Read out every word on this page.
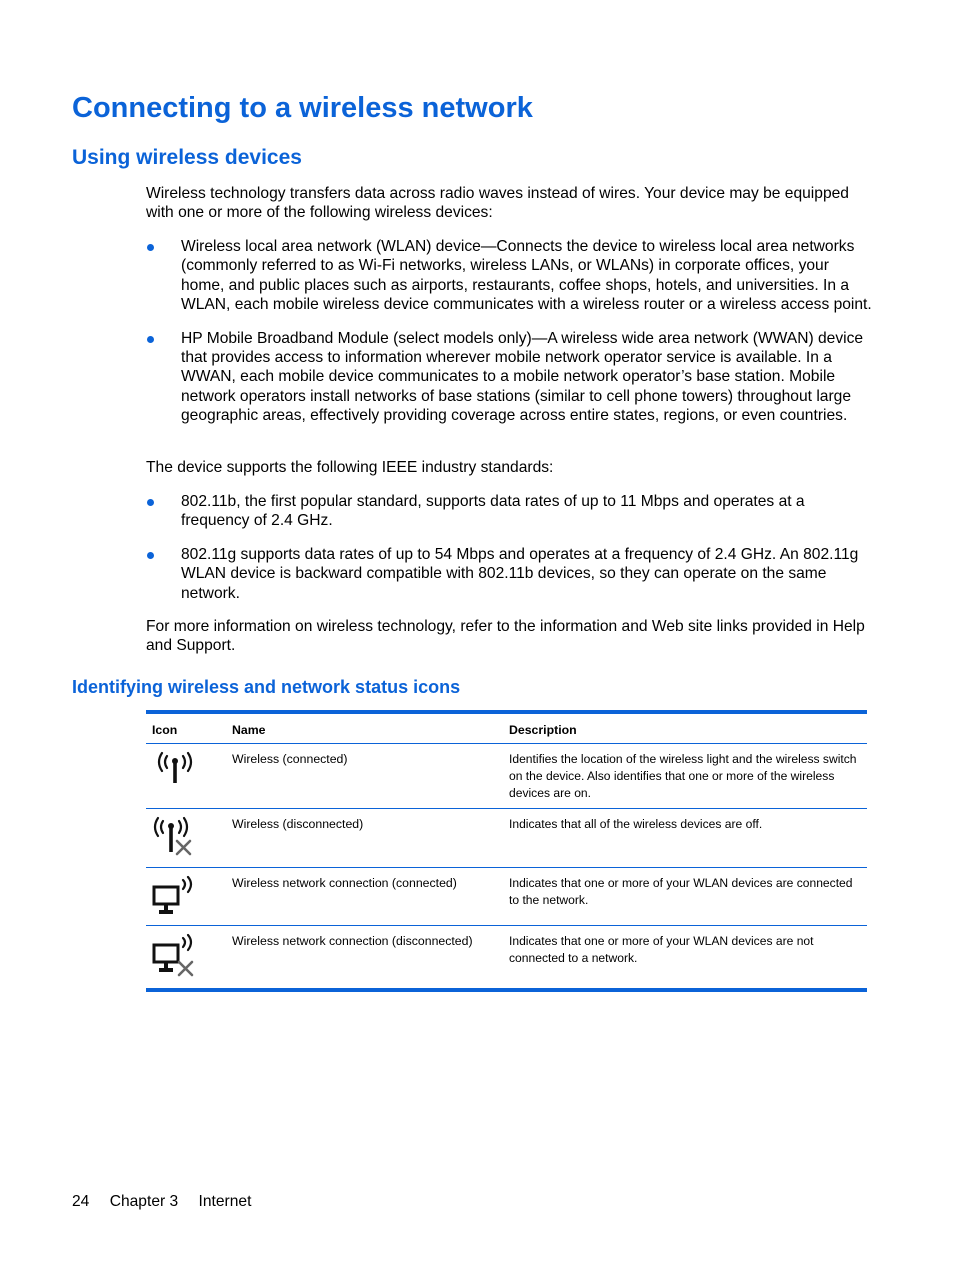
Connecting to a wireless network
Using wireless devices

Wireless technology transfers data across radio waves instead of wires. Your device may be equipped with one or more of the following wireless devices:

Wireless local area network (WLAN) device—Connects the device to wireless local area networks (commonly referred to as Wi-Fi networks, wireless LANs, or WLANs) in corporate offices, your home, and public places such as airports, restaurants, coffee shops, hotels, and universities. In a WLAN, each mobile wireless device communicates with a wireless router or a wireless access point.
HP Mobile Broadband Module (select models only)—A wireless wide area network (WWAN) device that provides access to information wherever mobile network operator service is available. In a WWAN, each mobile device communicates to a mobile network operator’s base station. Mobile network operators install networks of base stations (similar to cell phone towers) throughout large geographic areas, effectively providing coverage across entire states, regions, or even countries.

The device supports the following IEEE industry standards:

802.11b, the first popular standard, supports data rates of up to 11 Mbps and operates at a frequency of 2.4 GHz.
802.11g supports data rates of up to 54 Mbps and operates at a frequency of 2.4 GHz. An 802.11g WLAN device is backward compatible with 802.11b devices, so they can operate on the same network.

For more information on wireless technology, refer to the information and Web site links provided in Help and Support.

Identifying wireless and network status icons
Icon	Name	Description

	Wireless (connected)	Identifies the location of the wireless light and the wireless switch on the device. Also identifies that one or more of the wireless devices are on.

	Wireless (disconnected)	Indicates that all of the wireless devices are off.

	Wireless network connection (connected)	Indicates that one or more of your WLAN devices are connected to the network.

	Wireless network connection (disconnected)	Indicates that one or more of your WLAN devices are not connected to a network.
24 Chapter 3 Internet
